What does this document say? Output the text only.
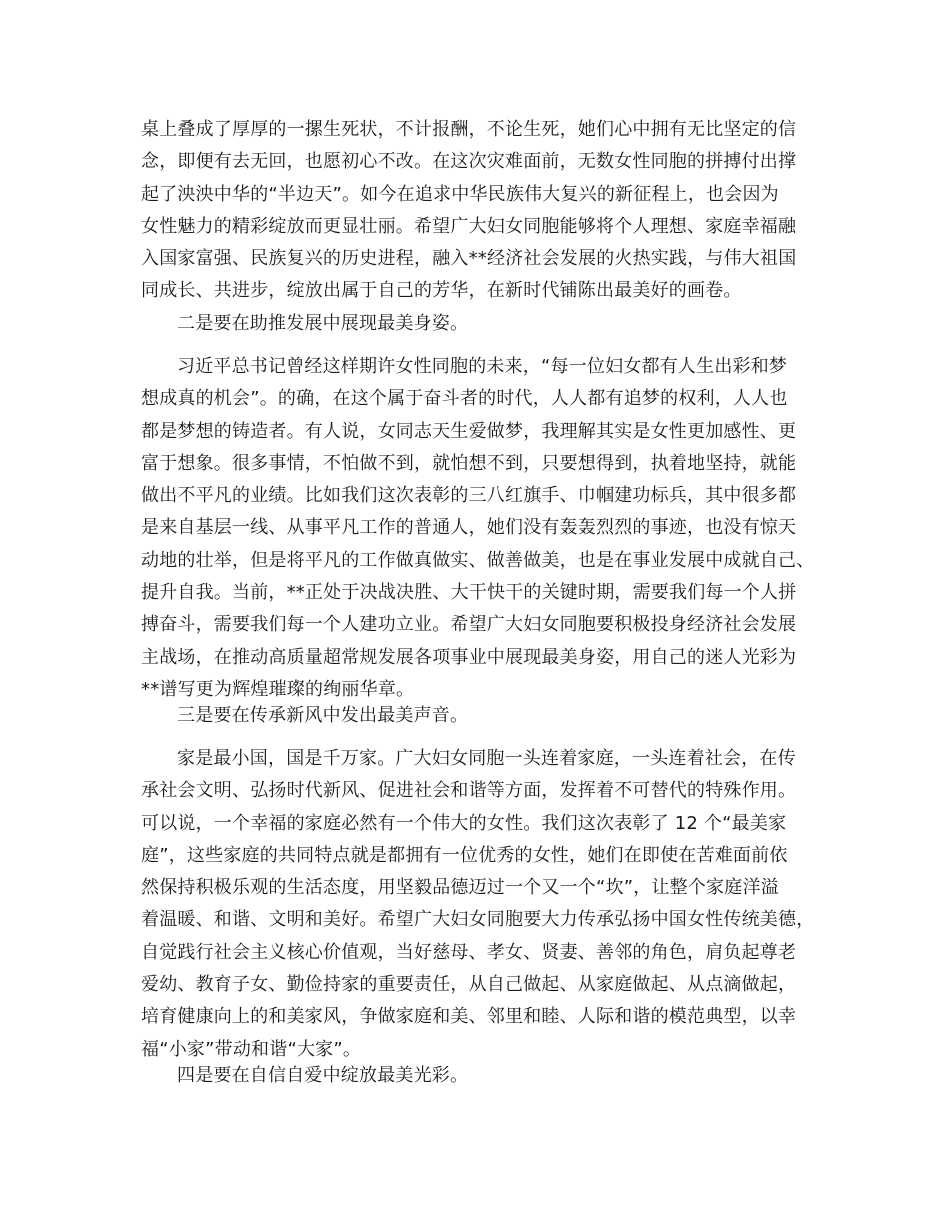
桌上叠成了厚厚的一摞生死状，不计报酬，不论生死，她们心中拥有无比坚定的信
念，即便有去无回，也愿初心不改。在这次灾难面前，无数女性同胞的拼搏付出撑
起了泱泱中华的“半边天”。如今在追求中华民族伟大复兴的新征程上，也会因为
女性魅力的精彩绽放而更显壮丽。希望广大妇女同胞能够将个人理想、家庭幸福融
入国家富强、民族复兴的历史进程，融入**经济社会发展的火热实践，与伟大祖国
同成长、共进步，绽放出属于自己的芳华，在新时代铺陈出最美好的画卷。
二是要在助推发展中展现最美身姿。
习近平总书记曾经这样期许女性同胞的未来，“每一位妇女都有人生出彩和梦
想成真的机会”。的确，在这个属于奋斗者的时代，人人都有追梦的权利，人人也
都是梦想的铸造者。有人说，女同志天生爱做梦，我理解其实是女性更加感性、更
富于想象。很多事情，不怕做不到，就怕想不到，只要想得到，执着地坚持，就能
做出不平凡的业绩。比如我们这次表彰的三八红旗手、巾帼建功标兵，其中很多都
是来自基层一线、从事平凡工作的普通人，她们没有轰轰烈烈的事迹，也没有惊天
动地的壮举，但是将平凡的工作做真做实、做善做美，也是在事业发展中成就自己、
提升自我。当前，**正处于决战决胜、大干快干的关键时期，需要我们每一个人拼
搏奋斗，需要我们每一个人建功立业。希望广大妇女同胞要积极投身经济社会发展
主战场，在推动高质量超常规发展各项事业中展现最美身姿，用自己的迷人光彩为
**谱写更为辉煌璀璨的绚丽华章。
三是要在传承新风中发出最美声音。
家是最小国，国是千万家。广大妇女同胞一头连着家庭，一头连着社会，在传
承社会文明、弘扬时代新风、促进社会和谐等方面，发挥着不可替代的特殊作用。
可以说，一个幸福的家庭必然有一个伟大的女性。我们这次表彰了 12 个“最美家
庭”，这些家庭的共同特点就是都拥有一位优秀的女性，她们在即使在苦难面前依
然保持积极乐观的生活态度，用坚毅品德迈过一个又一个“坎”，让整个家庭洋溢
着温暖、和谐、文明和美好。希望广大妇女同胞要大力传承弘扬中国女性传统美德，
自觉践行社会主义核心价值观，当好慈母、孝女、贤妻、善邻的角色，肩负起尊老
爱幼、教育子女、勤俭持家的重要责任，从自己做起、从家庭做起、从点滴做起，
培育健康向上的和美家风，争做家庭和美、邻里和睦、人际和谐的模范典型，以幸
福“小家”带动和谐“大家”。
四是要在自信自爱中绽放最美光彩。
